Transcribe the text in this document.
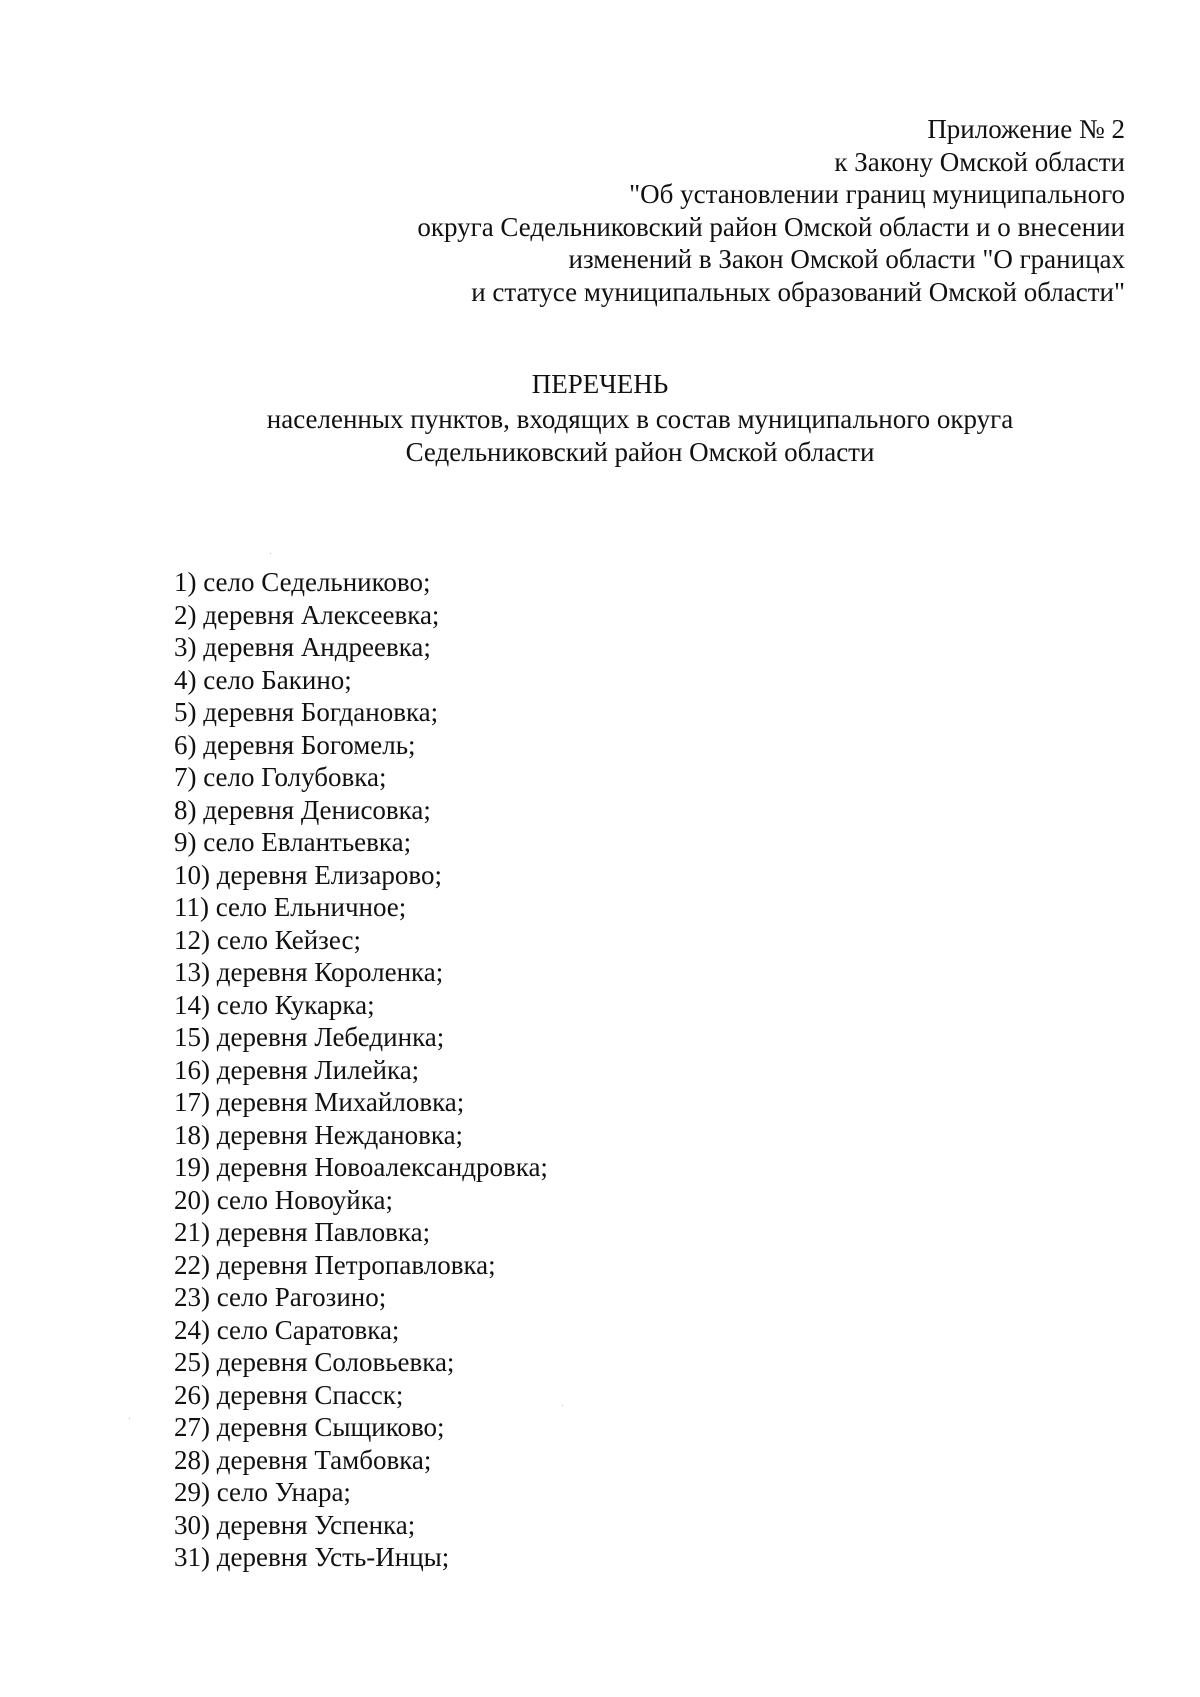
Приложение № 2
к Закону Омской области
"Об установлении границ муниципального
округа Седельниковский район Омской области и о внесении
изменений в Закон Омской области "О границах
и статусе муниципальных образований Омской области"
ПЕРЕЧЕНЬ
населенных пунктов, входящих в состав муниципального округа
Седельниковский район Омской области
1) село Седельниково;
2) деревня Алексеевка;
3) деревня Андреевка;
4) село Бакино;
5) деревня Богдановка;
6) деревня Богомель;
7) село Голубовка;
8) деревня Денисовка;
9) село Евлантьевка;
10) деревня Елизарово;
11) село Ельничное;
12) село Кейзес;
13) деревня Короленка;
14) село Кукарка;
15) деревня Лебединка;
16) деревня Лилейка;
17) деревня Михайловка;
18) деревня Неждановка;
19) деревня Новоалександровка;
20) село Новоуйка;
21) деревня Павловка;
22) деревня Петропавловка;
23) село Рагозино;
24) село Саратовка;
25) деревня Соловьевка;
26) деревня Спасск;
27) деревня Сыщиково;
28) деревня Тамбовка;
29) село Унара;
30) деревня Успенка;
31) деревня Усть-Инцы;
